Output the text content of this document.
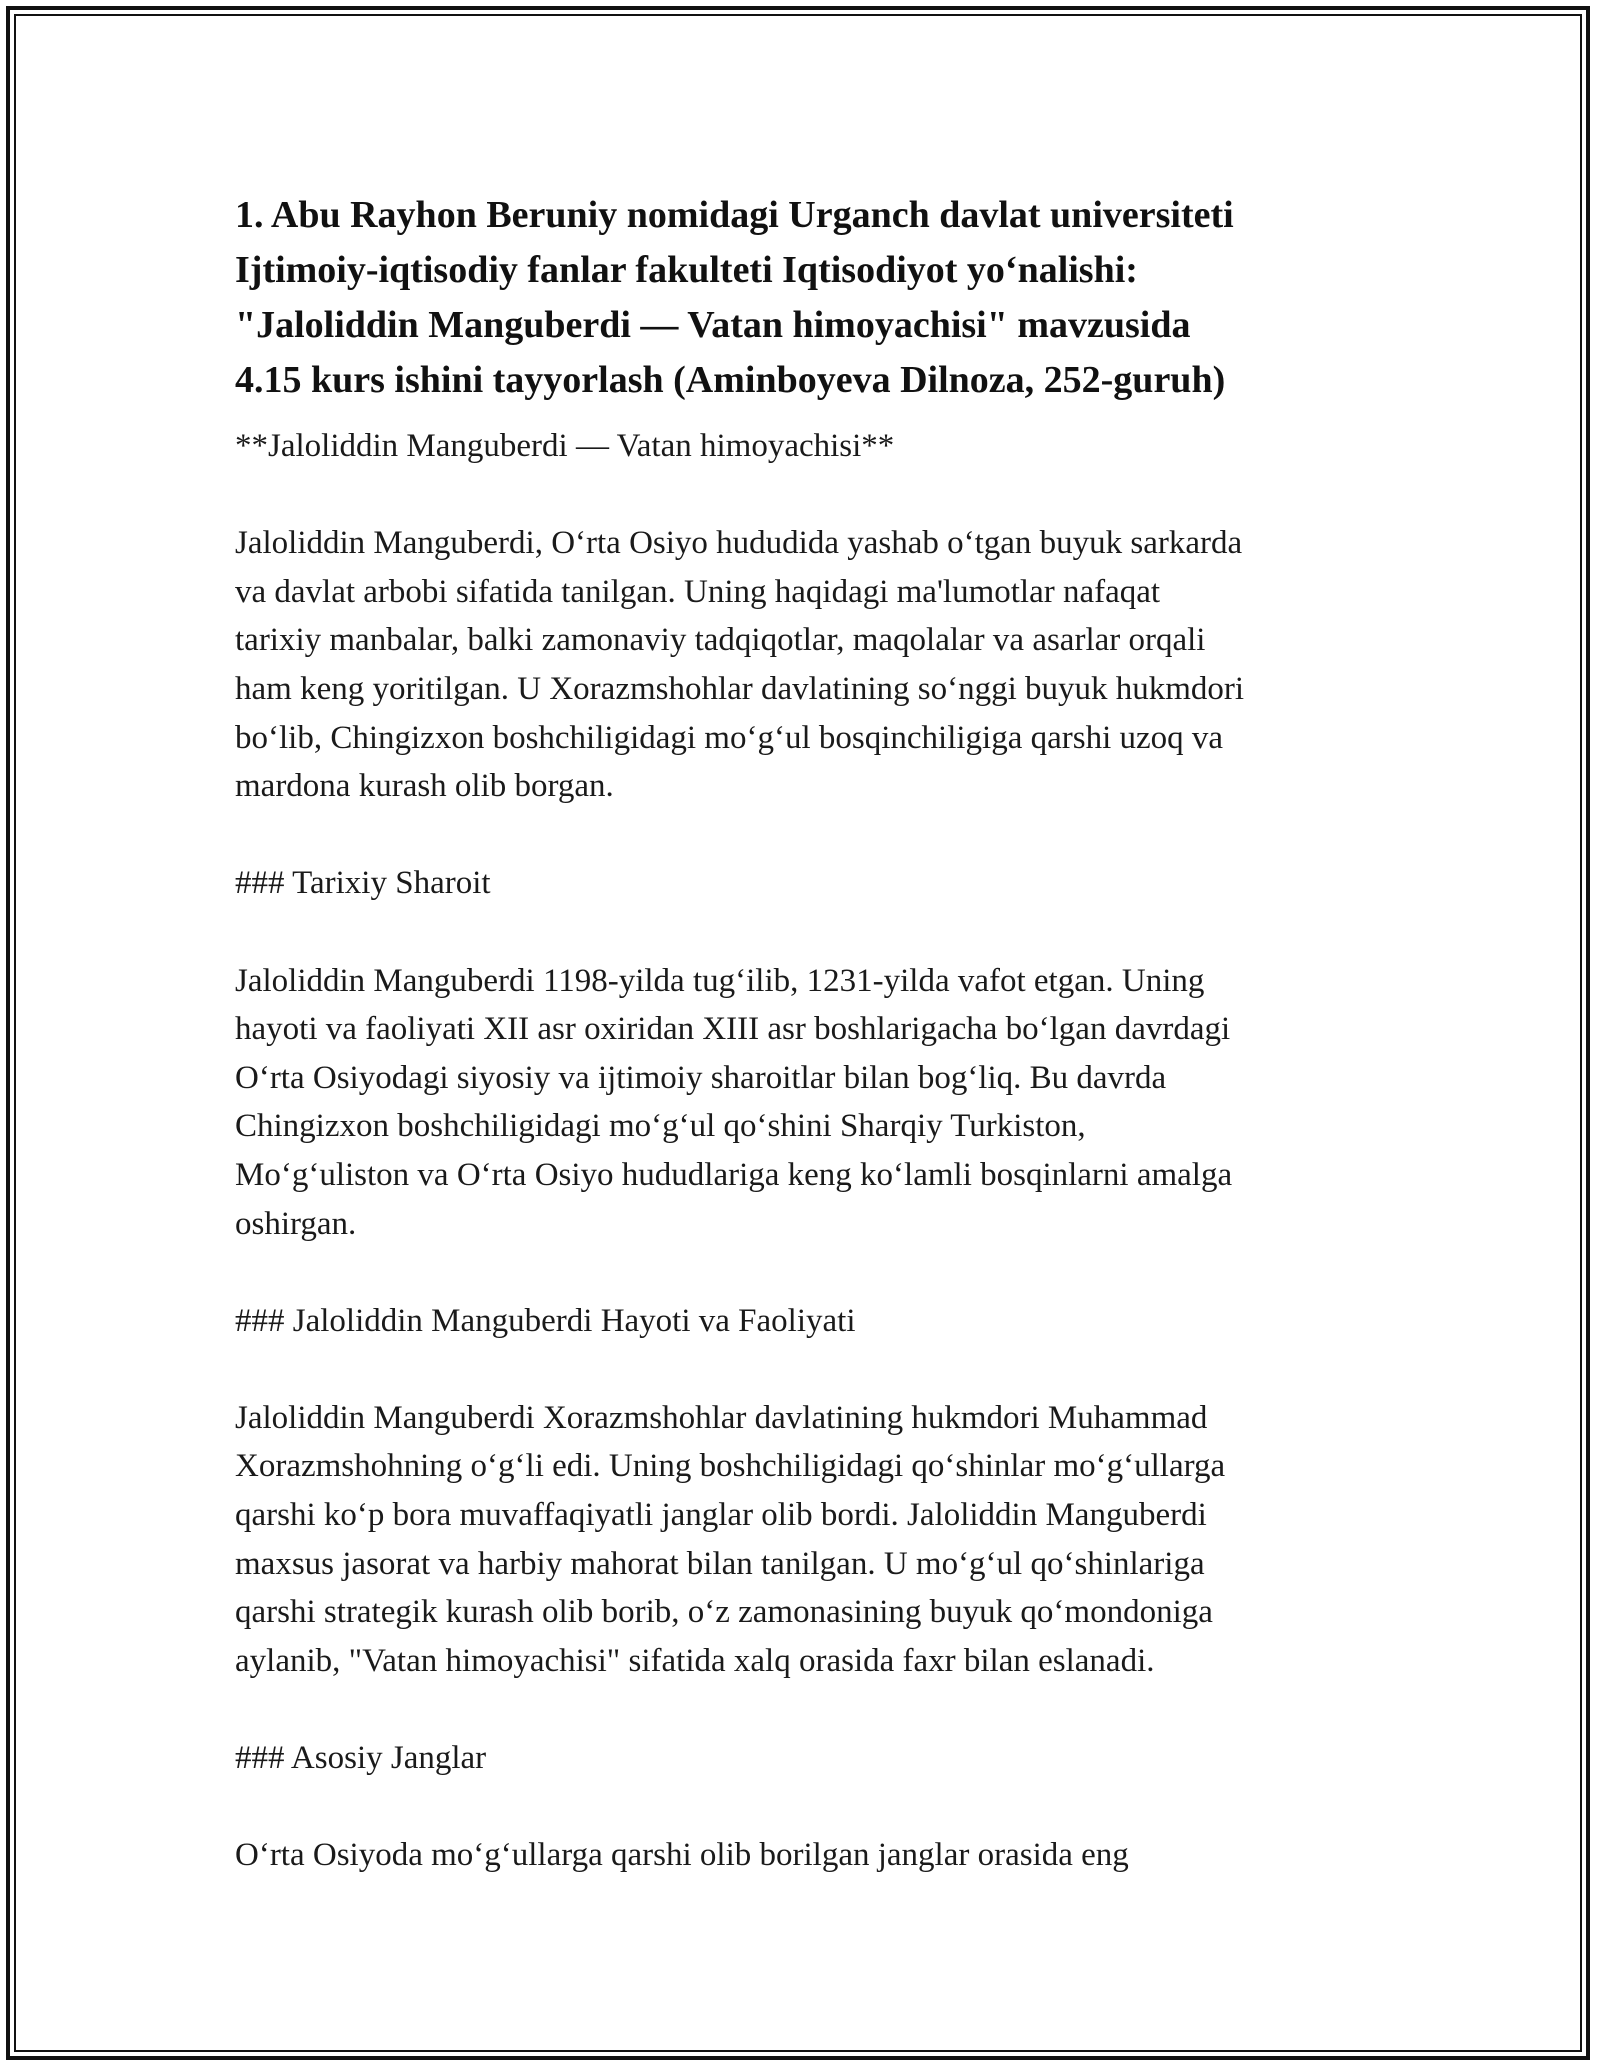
1. Abu Rayhon Beruniy nomidagi Urganch davlat universiteti
Ijtimoiy-iqtisodiy fanlar fakulteti Iqtisodiyot yo‘nalishi:
"Jaloliddin Manguberdi — Vatan himoyachisi" mavzusida
4.15 kurs ishini tayyorlash (Aminboyeva Dilnoza, 252-guruh)
**Jaloliddin Manguberdi — Vatan himoyachisi**
Jaloliddin Manguberdi, O‘rta Osiyo hududida yashab o‘tgan buyuk sarkarda
va davlat arbobi sifatida tanilgan. Uning haqidagi ma'lumotlar nafaqat
tarixiy manbalar, balki zamonaviy tadqiqotlar, maqolalar va asarlar orqali
ham keng yoritilgan. U Xorazmshohlar davlatining so‘nggi buyuk hukmdori
bo‘lib, Chingizxon boshchiligidagi mo‘g‘ul bosqinchiligiga qarshi uzoq va
mardona kurash olib borgan.
### Tarixiy Sharoit
Jaloliddin Manguberdi 1198-yilda tug‘ilib, 1231-yilda vafot etgan. Uning
hayoti va faoliyati XII asr oxiridan XIII asr boshlarigacha bo‘lgan davrdagi
O‘rta Osiyodagi siyosiy va ijtimoiy sharoitlar bilan bog‘liq. Bu davrda
Chingizxon boshchiligidagi mo‘g‘ul qo‘shini Sharqiy Turkiston,
Mo‘g‘uliston va O‘rta Osiyo hududlariga keng ko‘lamli bosqinlarni amalga
oshirgan.
### Jaloliddin Manguberdi Hayoti va Faoliyati
Jaloliddin Manguberdi Xorazmshohlar davlatining hukmdori Muhammad
Xorazmshohning o‘g‘li edi. Uning boshchiligidagi qo‘shinlar mo‘g‘ullarga
qarshi ko‘p bora muvaffaqiyatli janglar olib bordi. Jaloliddin Manguberdi
maxsus jasorat va harbiy mahorat bilan tanilgan. U mo‘g‘ul qo‘shinlariga
qarshi strategik kurash olib borib, o‘z zamonasining buyuk qo‘mondoniga
aylanib, "Vatan himoyachisi" sifatida xalq orasida faxr bilan eslanadi.
### Asosiy Janglar
O‘rta Osiyoda mo‘g‘ullarga qarshi olib borilgan janglar orasida eng
